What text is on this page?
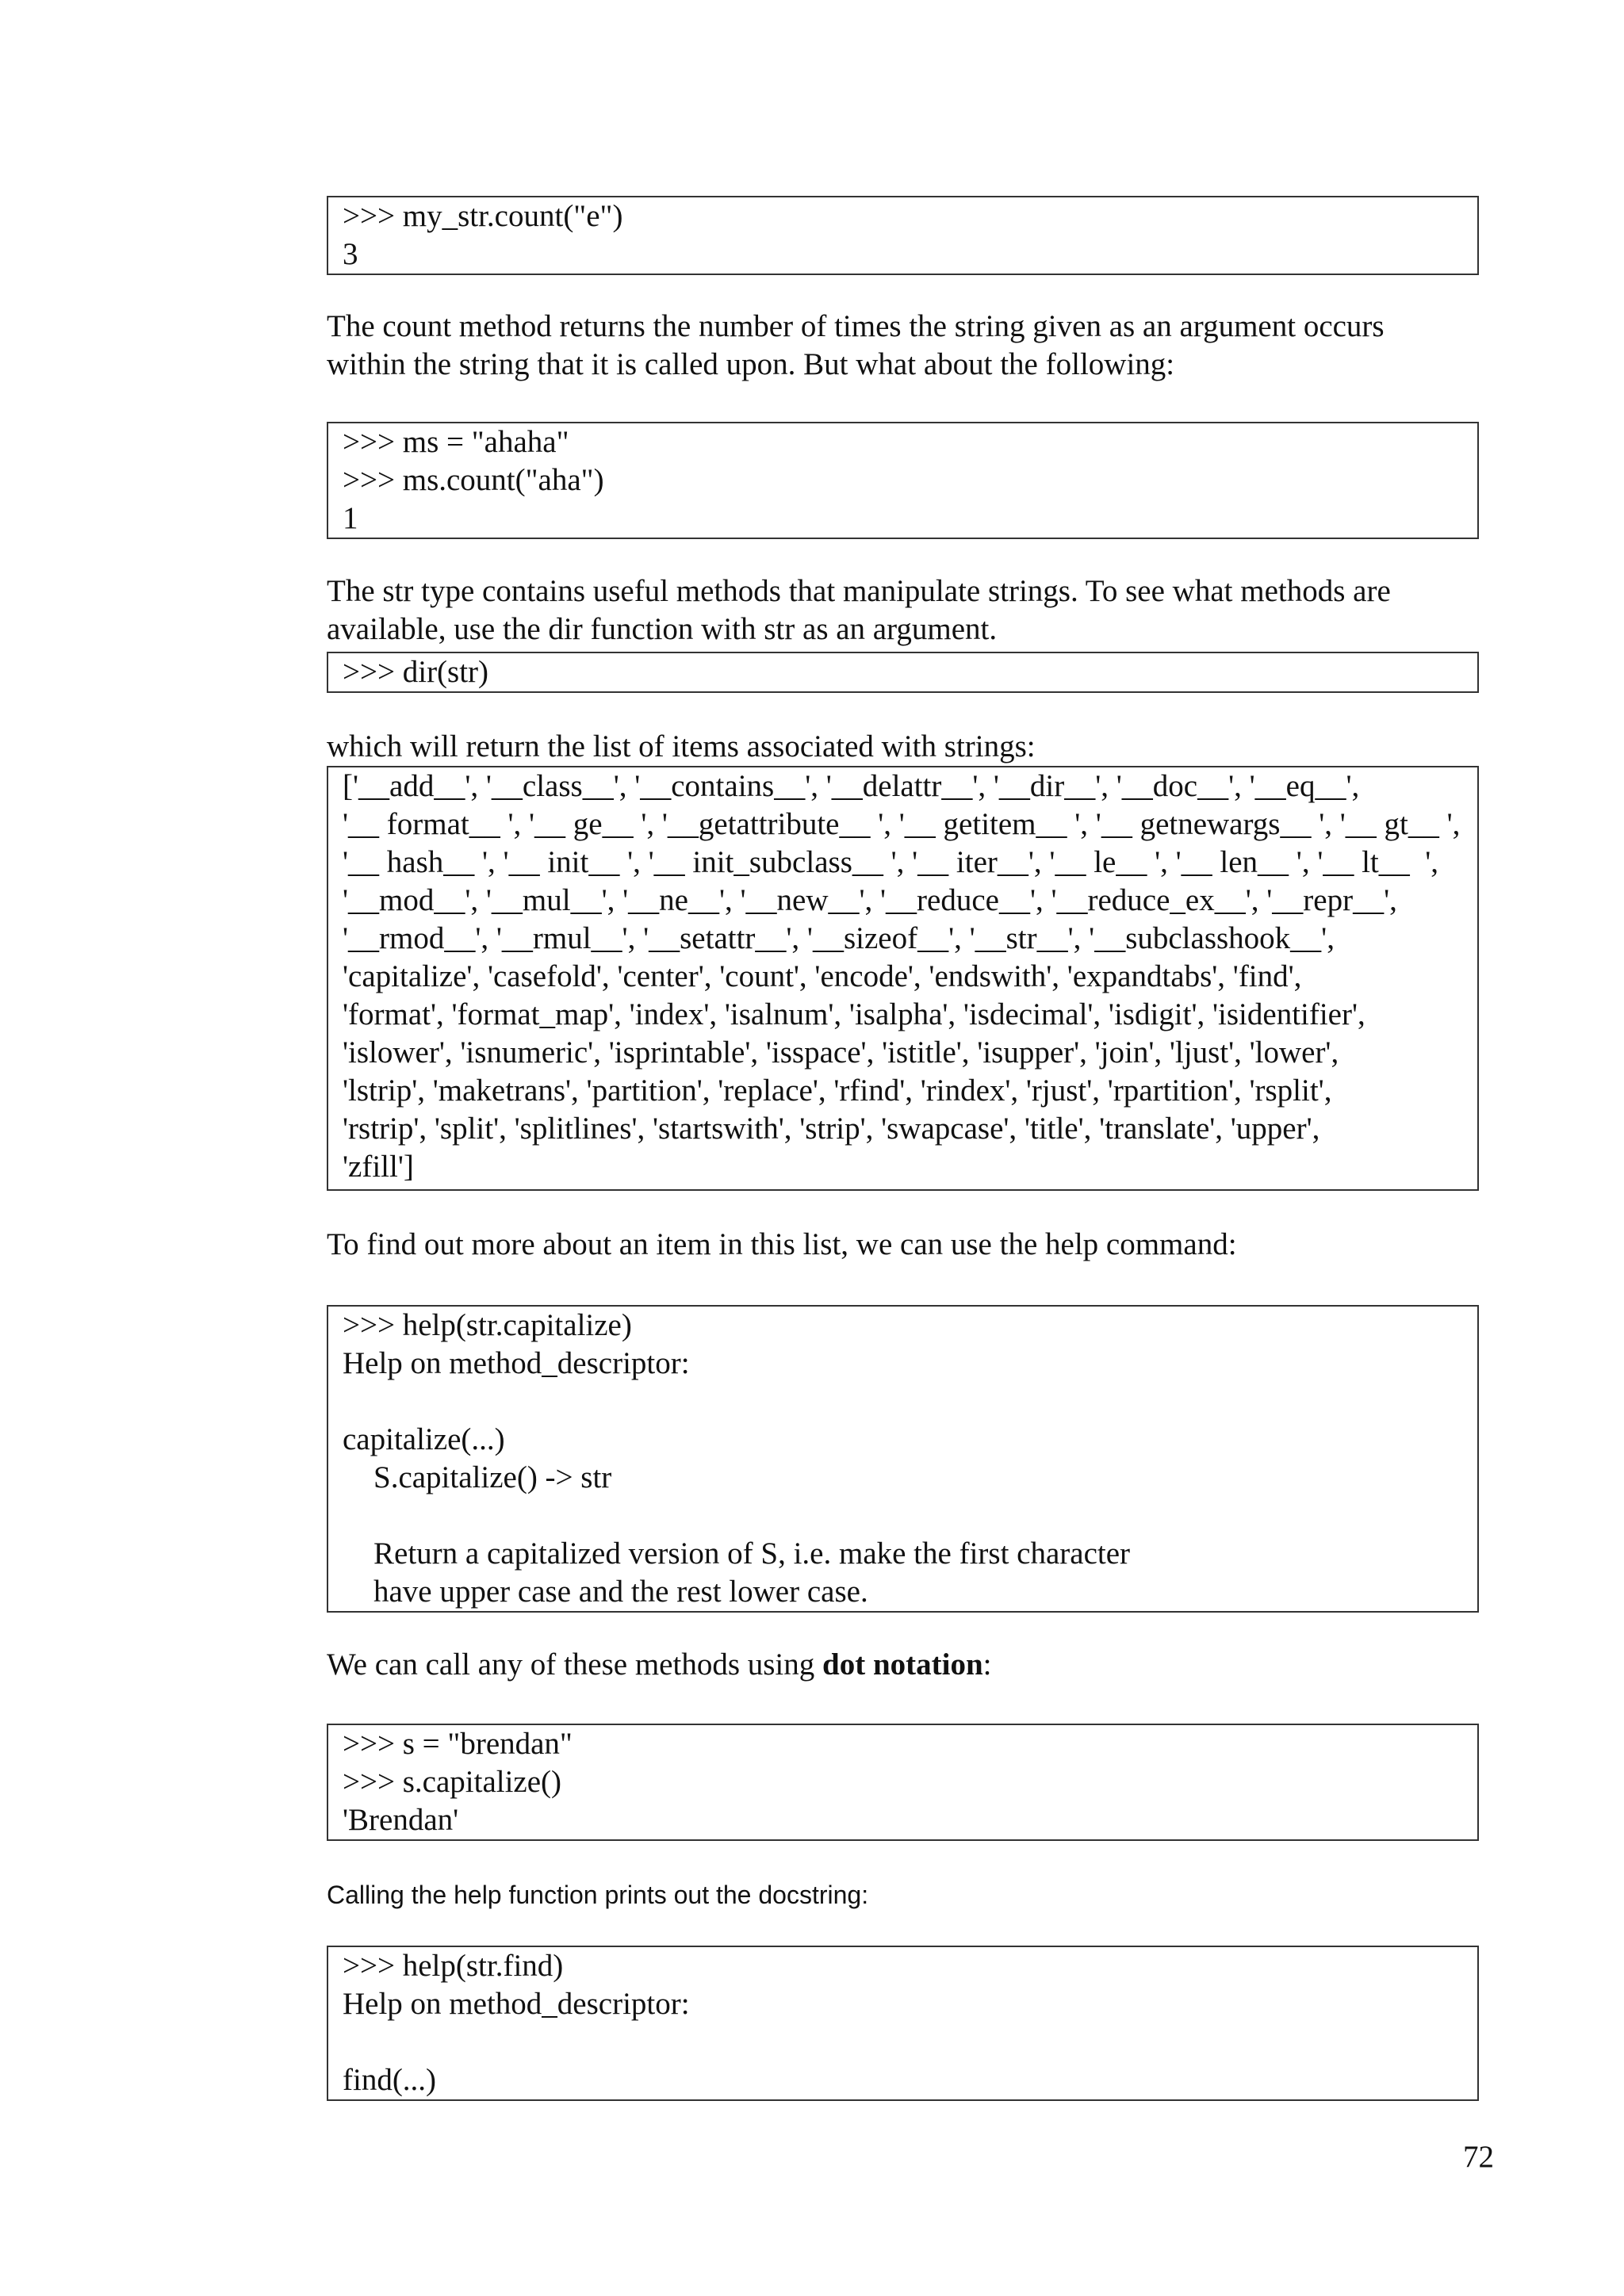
>>> my_str.count("e")
3
The count method returns the number of times the string given as an argument occurs
within the string that it is called upon. But what about the following:
>>> ms = "ahaha"
>>> ms.count("aha")
1
The str type contains useful methods that manipulate strings. To see what methods are
available, use the dir function with str as an argument.
>>> dir(str)
which will return the list of items associated with strings:
['__add__', '__class__', '__contains__', '__delattr__', '__dir__', '__doc__', '__eq__',
'__ format__ ', '__ ge__ ', '__getattribute__ ', '__ getitem__ ', '__ getnewargs__ ', '__ gt__ ',
'__ hash__ ', '__ init__ ', '__ init_subclass__ ', '__ iter__', '__ le__ ', '__ len__ ', '__ lt__  ',
'__mod__', '__mul__', '__ne__', '__new__', '__reduce__', '__reduce_ex__', '__repr__',
'__rmod__', '__rmul__', '__setattr__', '__sizeof__', '__str__', '__subclasshook__',
'capitalize', 'casefold', 'center', 'count', 'encode', 'endswith', 'expandtabs', 'find',
'format', 'format_map', 'index', 'isalnum', 'isalpha', 'isdecimal', 'isdigit', 'isidentifier',
'islower', 'isnumeric', 'isprintable', 'isspace', 'istitle', 'isupper', 'join', 'ljust', 'lower',
'lstrip', 'maketrans', 'partition', 'replace', 'rfind', 'rindex', 'rjust', 'rpartition', 'rsplit',
'rstrip', 'split', 'splitlines', 'startswith', 'strip', 'swapcase', 'title', 'translate', 'upper',
'zfill']
To find out more about an item in this list, we can use the help command:
>>> help(str.capitalize)
Help on method_descriptor:
capitalize(...)
S.capitalize() -> str
Return a capitalized version of S, i.e. make the first character
have upper case and the rest lower case.
We can call any of these methods using dot notation:
>>> s = "brendan"
>>> s.capitalize()
'Brendan'
Calling the help function prints out the docstring:
>>> help(str.find)
Help on method_descriptor:
find(...)
72
